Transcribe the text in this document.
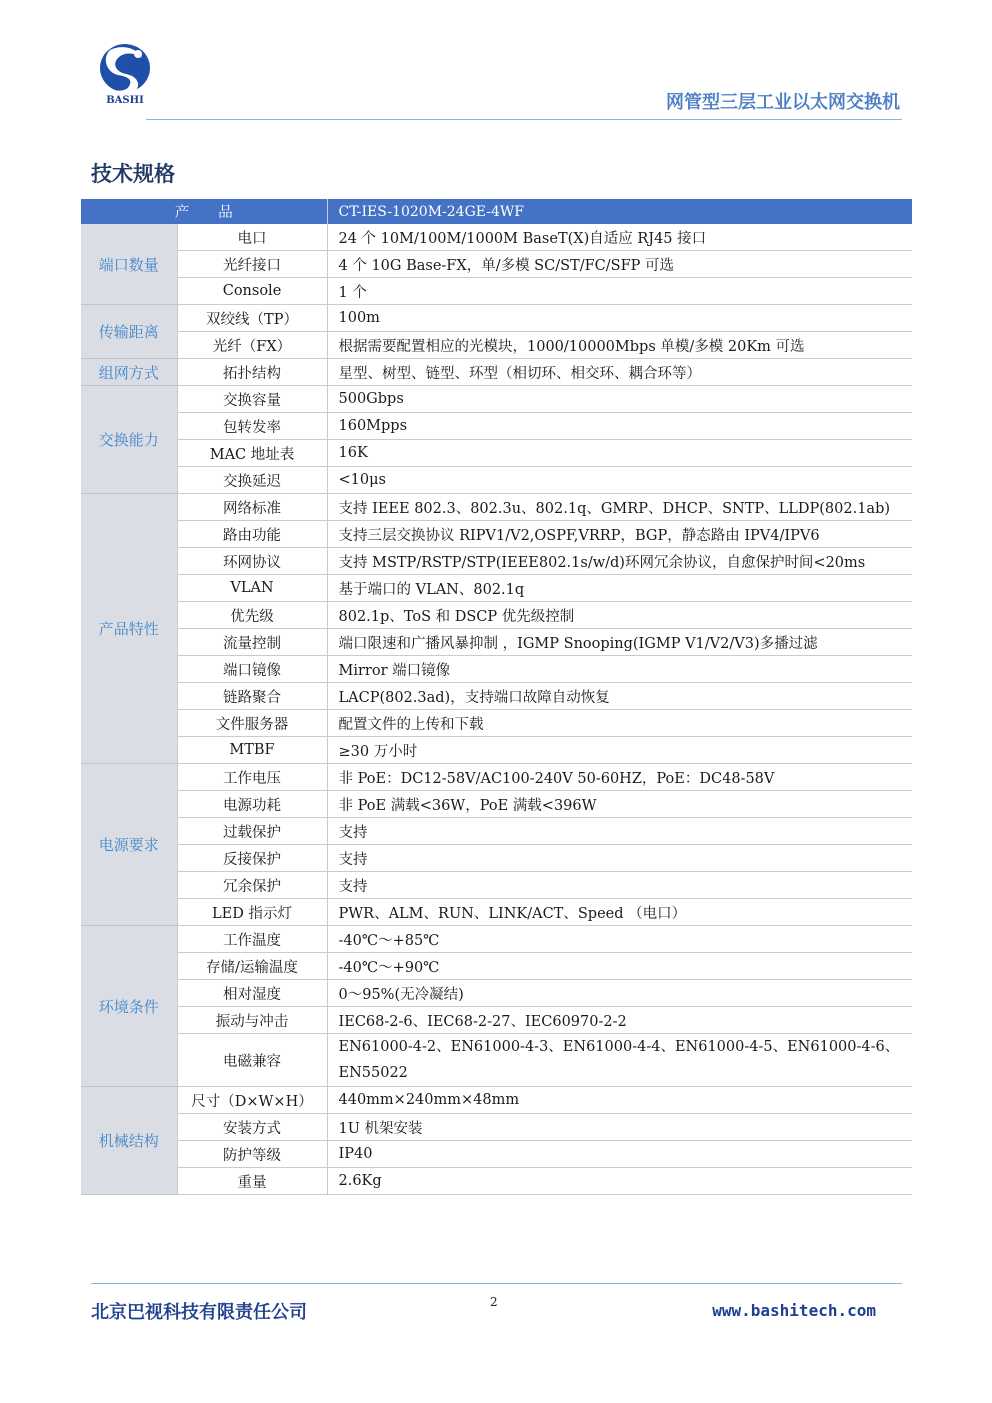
BASHI	网管型三层工业以太网交换机
技术规格
产　　品		CT-IES-1020M-24GE-4WF
端口数量	电口	24 个 10M/100M/1000M BaseT(X)自适应 RJ45 接口
	光纤接口	4 个 10G Base-FX，单/多模 SC/ST/FC/SFP 可选
	Console	1 个
传输距离	双绞线（TP）	100m
	光纤（FX）	根据需要配置相应的光模块，1000/10000Mbps 单模/多模 20Km 可选
组网方式	拓扑结构	星型、树型、链型、环型（相切环、相交环、耦合环等）
交换能力	交换容量	500Gbps
	包转发率	160Mpps
	MAC 地址表	16K
	交换延迟	<10μs
产品特性	网络标准	支持 IEEE 802.3、802.3u、802.1q、GMRP、DHCP、SNTP、LLDP(802.1ab)
	路由功能	支持三层交换协议 RIPV1/V2,OSPF,VRRP，BGP，静态路由 IPV4/IPV6
	环网协议	支持 MSTP/RSTP/STP(IEEE802.1s/w/d)环网冗余协议，自愈保护时间<20ms
	VLAN	基于端口的 VLAN、802.1q
	优先级	802.1p、ToS 和 DSCP 优先级控制
	流量控制	端口限速和广播风暴抑制 ，IGMP Snooping(IGMP V1/V2/V3)多播过滤
	端口镜像	Mirror 端口镜像
	链路聚合	LACP(802.3ad)，支持端口故障自动恢复
	文件服务器	配置文件的上传和下载
	MTBF	≥30 万小时
电源要求	工作电压	非 PoE：DC12-58V/AC100-240V 50-60HZ，PoE：DC48-58V
	电源功耗	非 PoE 满载<36W，PoE 满载<396W
	过载保护	支持
	反接保护	支持
	冗余保护	支持
	LED 指示灯	PWR、ALM、RUN、LINK/ACT、Speed （电口）
环境条件	工作温度	-40℃～+85℃
	存储/运输温度	-40℃～+90℃
	相对湿度	0～95%(无冷凝结)
	振动与冲击	IEC68-2-6、IEC68-2-27、IEC60970-2-2
	电磁兼容	EN61000-4-2、EN61000-4-3、EN61000-4-4、EN61000-4-5、EN61000-4-6、EN55022
机械结构	尺寸（D×W×H）	440mm×240mm×48mm
	安装方式	1U 机架安装
	防护等级	IP40
	重量	2.6Kg
北京巴视科技有限责任公司	2	www.bashitech.com
